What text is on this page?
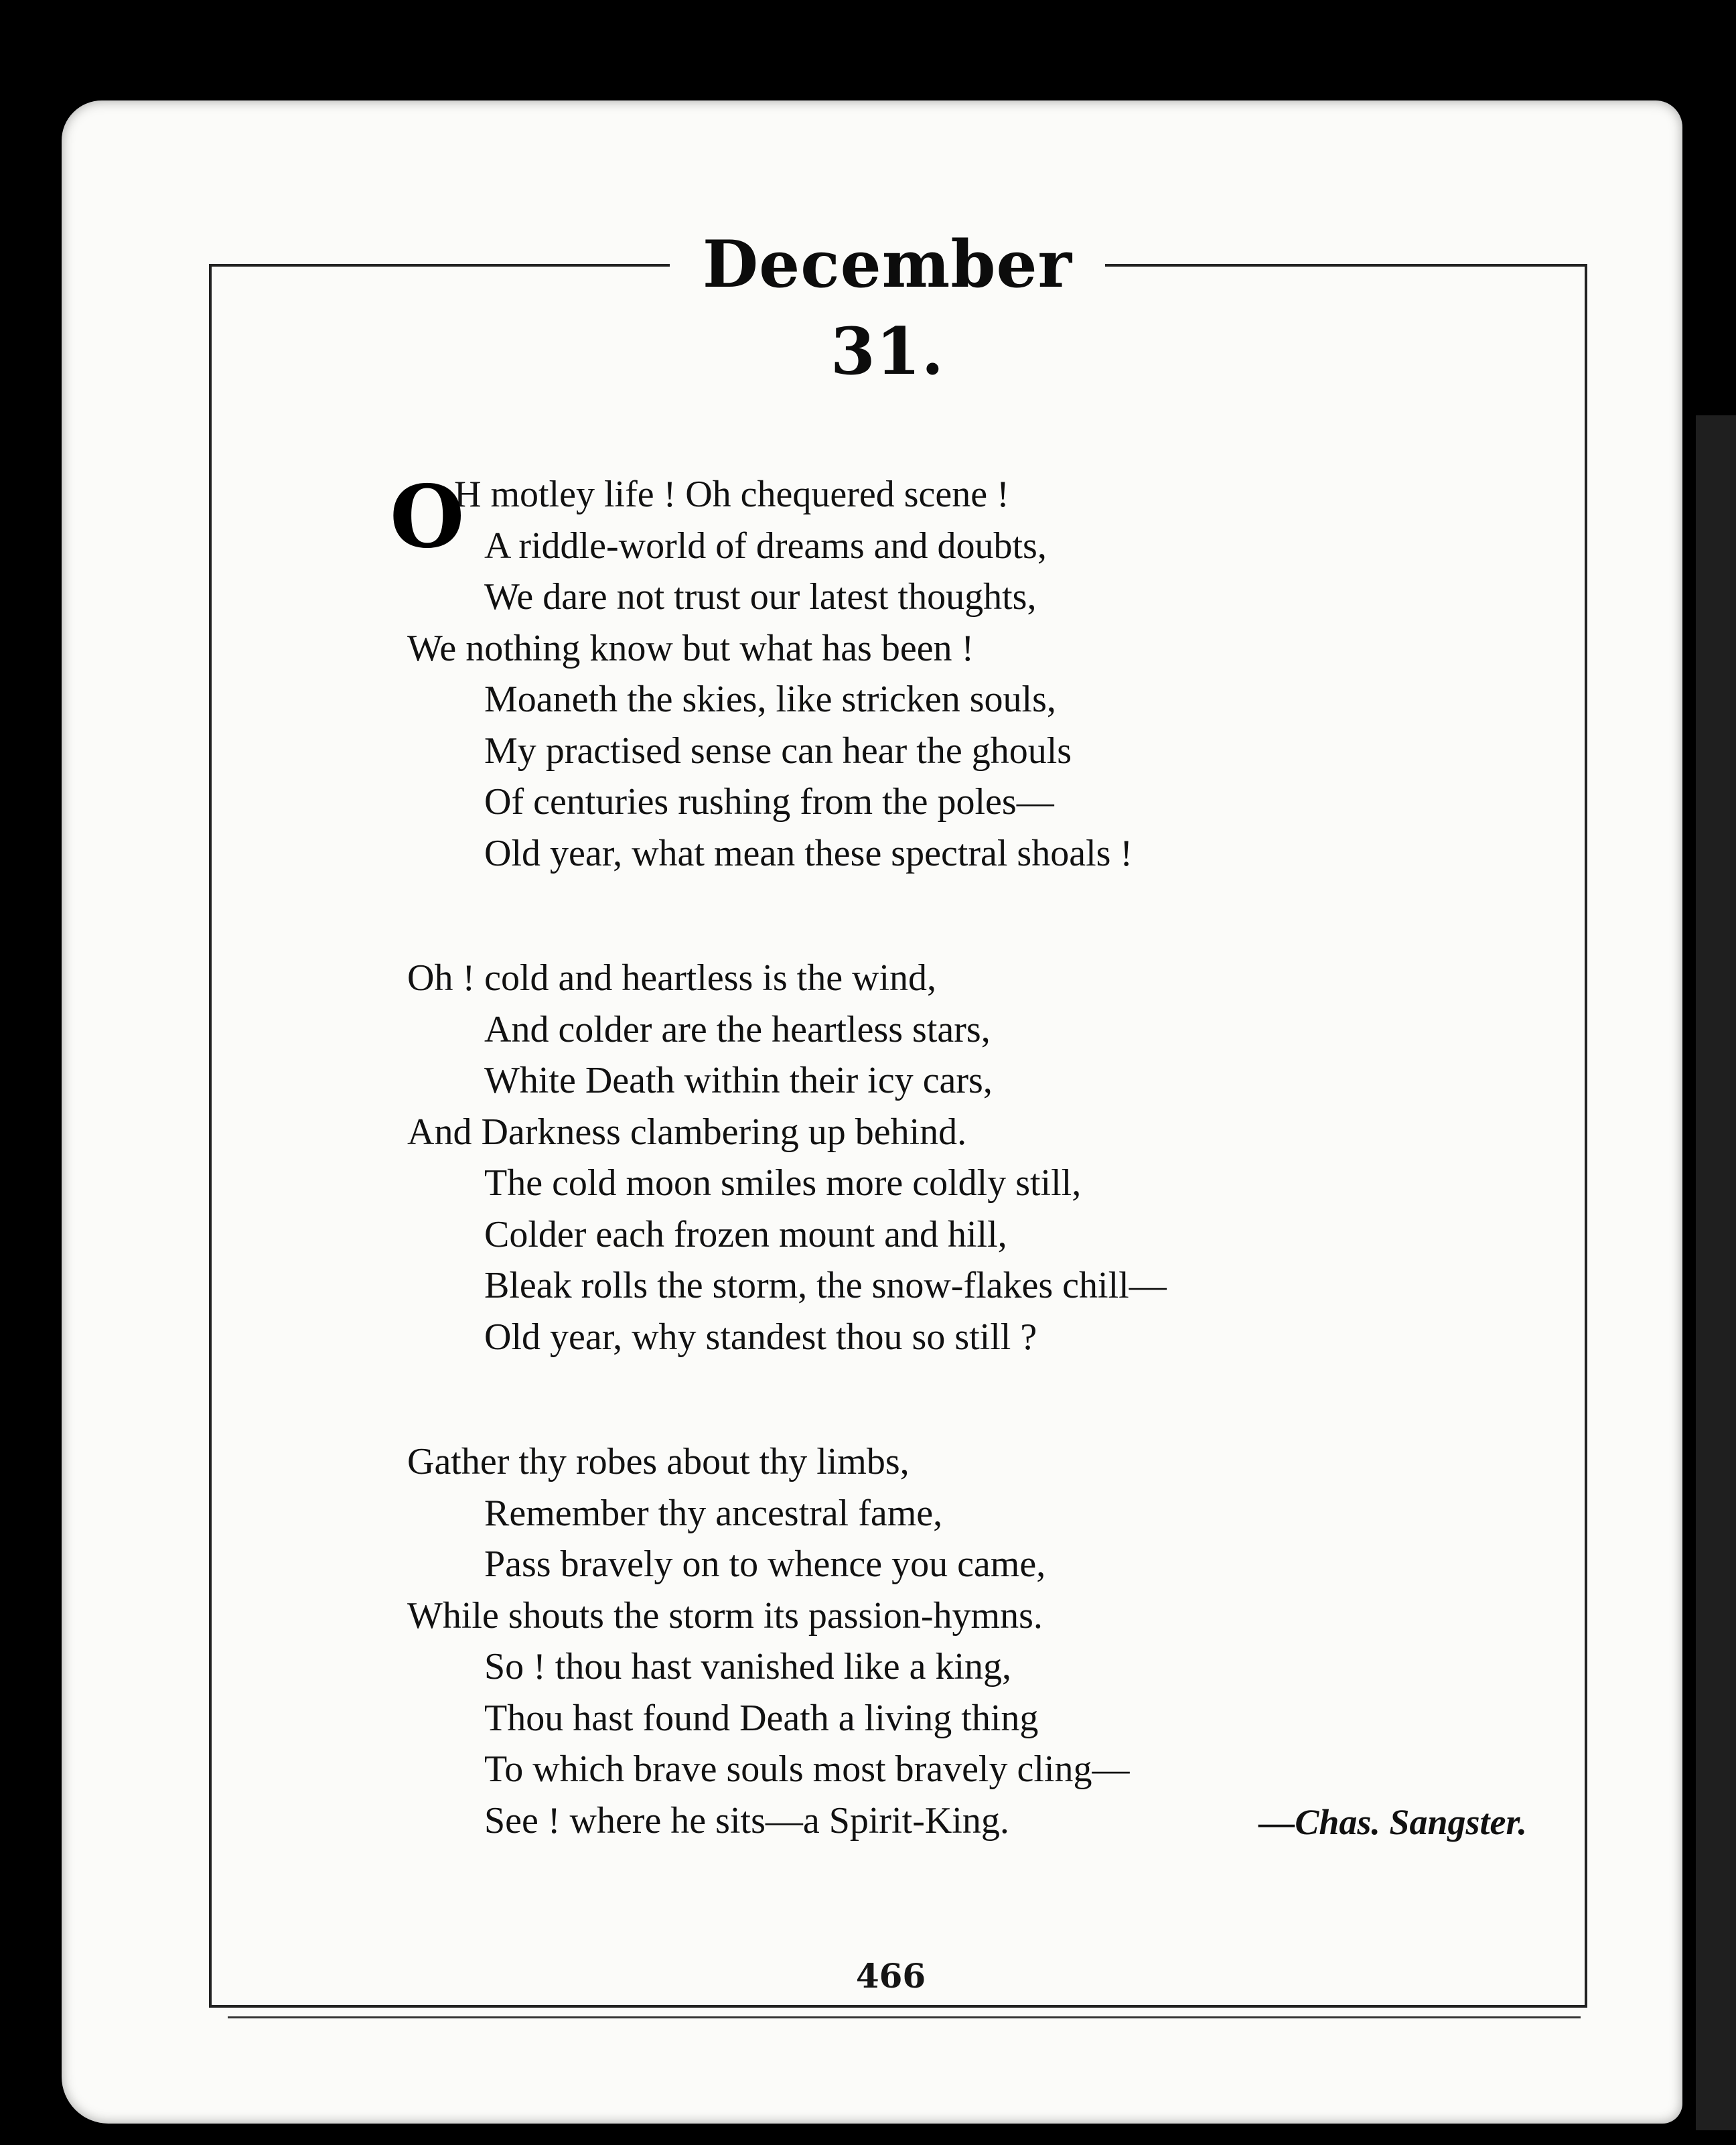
December 31.
O
H motley life ! Oh chequered scene !
A riddle-world of dreams and doubts,
We dare not trust our latest thoughts,
We nothing know but what has been !
Moaneth the skies, like stricken souls,
My practised sense can hear the ghouls
Of centuries rushing from the poles—
Old year, what mean these spectral shoals !
Oh ! cold and heartless is the wind,
And colder are the heartless stars,
White Death within their icy cars,
And Darkness clambering up behind.
The cold moon smiles more coldly still,
Colder each frozen mount and hill,
Bleak rolls the storm, the snow-flakes chill—
Old year, why standest thou so still ?
Gather thy robes about thy limbs,
Remember thy ancestral fame,
Pass bravely on to whence you came,
While shouts the storm its passion-hymns.
So ! thou hast vanished like a king,
Thou hast found Death a living thing
To which brave souls most bravely cling—
See ! where he sits—a Spirit-King.	—Chas. Sangster.
466
